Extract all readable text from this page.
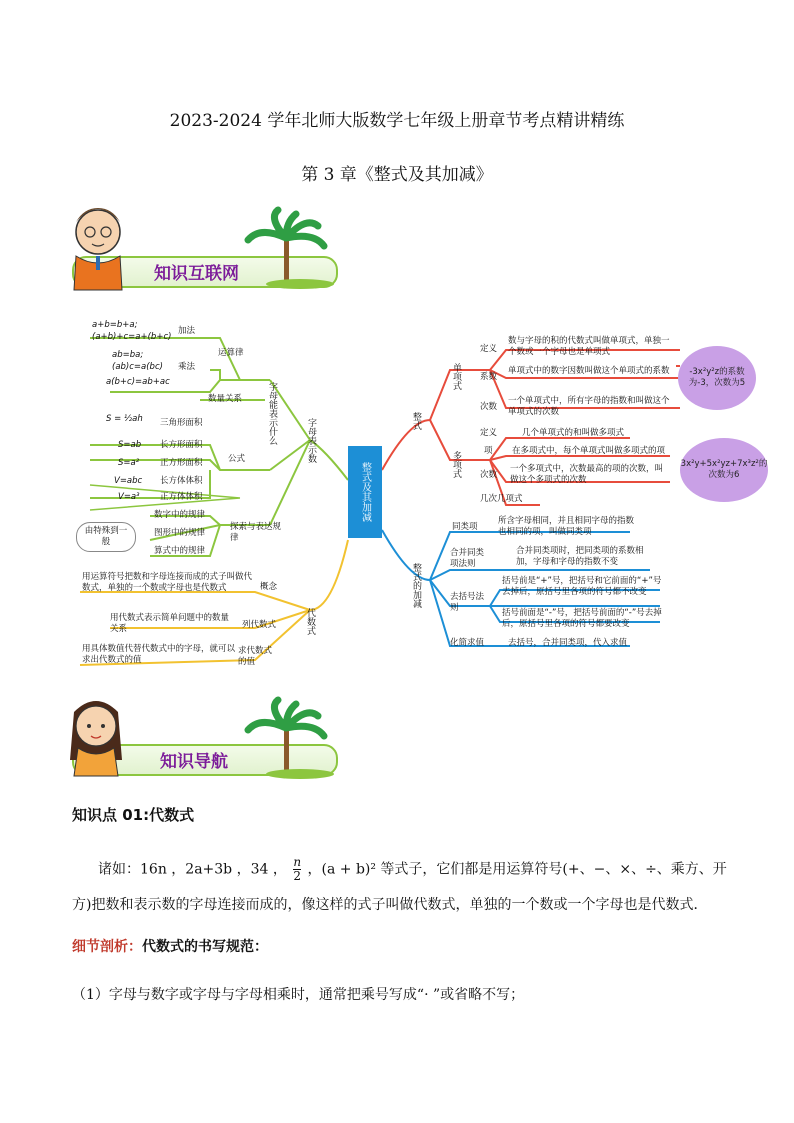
2023-2024 学年北师大版数学七年级上册章节考点精讲精练
第 3 章《整式及其加减》
知识互联网
整式及其加减
字母表示数
字母能表示什么
运算律
加法
a+b=b+a;
(a+b)+c=a+(b+c)
乘法
ab=ba;
(ab)c=a(bc)
a(b+c)=ab+ac
数量关系
公式
S = ½ah 三角形面积
S=ab 长方形面积
S=a² 正方形面积
V=abc 长方体体积
V=a³ 正方体体积
探索与表达规律
数字中的规律
图形中的规律
算式中的规律
由特殊到一般
代数式
概念
用运算符号把数和字母连接而成的式子叫做代数式，单独的一个数或字母也是代数式
列代数式
用代数式表示简单问题中的数量关系
求代数式的值
用具体数值代替代数式中的字母，就可以求出代数式的值
整式
单项式
定义
数与字母的积的代数式叫做单项式，单独一个数或一个字母也是单项式
系数
单项式中的数字因数叫做这个单项式的系数
次数
一个单项式中，所有字母的指数和叫做这个单项式的次数
-3x²y²z的系数为-3，次数为5
多项式
定义	几个单项式的和叫做多项式
项 在多项式中，每个单项式叫做多项式的项
次数
一个多项式中，次数最高的项的次数，叫做这个多项式的次数
几次几项式
3x²y+5x²yz+7x³z²的次数为6
整式的加减
同类项
所含字母相同，并且相同字母的指数也相同的项，叫做同类项
合并同类项法则
合并同类项时，把同类项的系数相加，字母和字母的指数不变
去括号法则
括号前是“+”号，把括号和它前面的“+”号去掉后，原括号里各项的符号都不改变
括号前面是“-”号，把括号前面的“-”号去掉后，原括号里各项的符号都要改变
化简求值	去括号，合并同类项，代入求值
知识导航
知识点 01:代数式
诸如：16n ，2a+3b ，34 ， $\frac{n}{2}$ ，(a + b)² 等式子，它们都是用运算符号(+、−、×、÷、乘方、开
方)把数和表示数的字母连接而成的，像这样的式子叫做代数式，单独的一个数或一个字母也是代数式．
细节剖析：代数式的书写规范：
（1）字母与数字或字母与字母相乘时，通常把乘号写成“· ”或省略不写；
